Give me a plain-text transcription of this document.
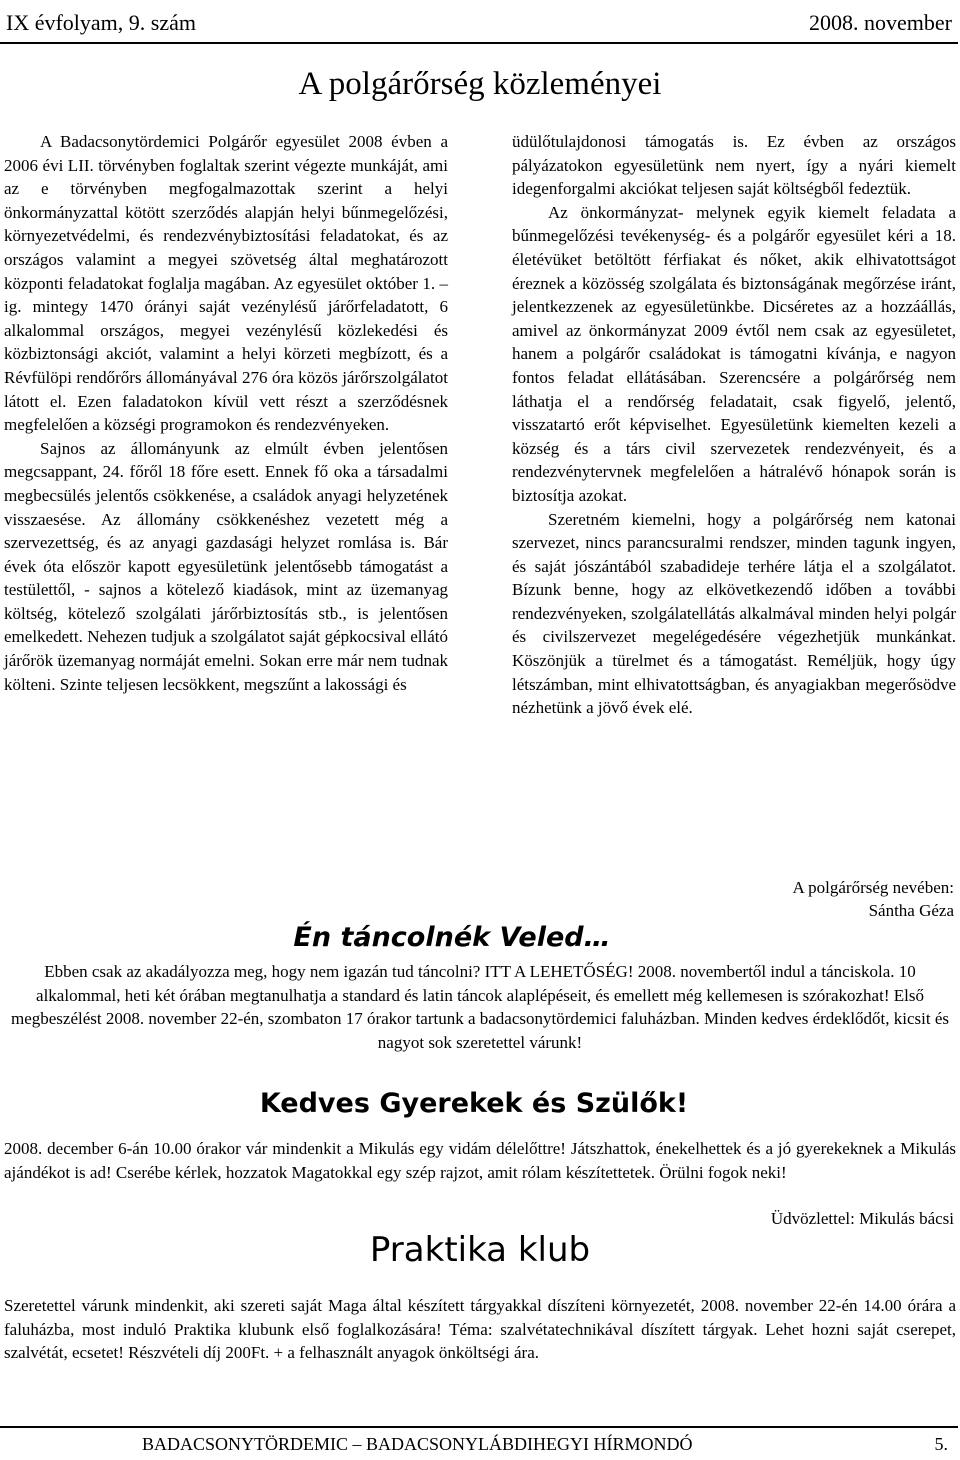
IX évfolyam, 9. szám	2008. november
A polgárőrség közleményei

A Badacsonytördemici Polgárőr egyesület 2008 évben a 2006 évi LII. törvényben foglaltak szerint végezte munkáját, ami az e törvényben megfogalmazottak szerint a helyi önkormányzattal kötött szerződés alapján helyi bűnmegelőzési, környezetvédelmi, és rendezvénybiztosítási feladatokat, és az országos valamint a megyei szövetség által meghatározott központi feladatokat foglalja magában. Az egyesület október 1. –ig. mintegy 1470 órányi saját vezénylésű járőrfeladatott, 6 alkalommal országos, megyei vezénylésű közlekedési és közbiztonsági akciót, valamint a helyi körzeti megbízott, és a Révfülöpi rendőrőrs állományával 276 óra közös járőrszolgálatot látott el. Ezen faladatokon kívül vett részt a szerződésnek megfelelően a községi programokon és rendezvényeken.

Sajnos az állományunk az elmúlt évben jelentősen megcsappant, 24. főről 18 főre esett. Ennek fő oka a társadalmi megbecsülés jelentős csökkenése, a családok anyagi helyzetének visszaesése. Az állomány csökkenéshez vezetett még a szervezettség, és az anyagi gazdasági helyzet romlása is. Bár évek óta először kapott egyesületünk jelentősebb támogatást a testülettől, - sajnos a kötelező kiadások, mint az üzemanyag költség, kötelező szolgálati járőrbiztosítás stb., is jelentősen emelkedett. Nehezen tudjuk a szolgálatot saját gépkocsival ellátó járőrök üzemanyag normáját emelni. Sokan erre már nem tudnak költeni. Szinte teljesen lecsökkent, megszűnt a lakossági és

üdülőtulajdonosi támogatás is. Ez évben az országos pályázatokon egyesületünk nem nyert, így a nyári kiemelt idegenforgalmi akciókat teljesen saját költségből fedeztük.

Az önkormányzat- melynek egyik kiemelt feladata a bűnmegelőzési tevékenység- és a polgárőr egyesület kéri a 18. életévüket betöltött férfiakat és nőket, akik elhivatottságot éreznek a közösség szolgálata és biztonságának megőrzése iránt, jelentkezzenek az egyesületünkbe. Dicséretes az a hozzáállás, amivel az önkormányzat 2009 évtől nem csak az egyesületet, hanem a polgárőr családokat is támogatni kívánja, e nagyon fontos feladat ellátásában. Szerencsére a polgárőrség nem láthatja el a rendőrség feladatait, csak figyelő, jelentő, visszatartó erőt képviselhet. Egyesületünk kiemelten kezeli a község és a társ civil szervezetek rendezvényeit, és a rendezvénytervnek megfelelően a hátralévő hónapok során is biztosítja azokat.

Szeretném kiemelni, hogy a polgárőrség nem katonai szervezet, nincs parancsuralmi rendszer, minden tagunk ingyen, és saját jószántából szabadideje terhére látja el a szolgálatot. Bízunk benne, hogy az elkövetkezendő időben a további rendezvényeken, szolgálatellátás alkalmával minden helyi polgár és civilszervezet megelégedésére végezhetjük munkánkat. Köszönjük a türelmet és a támogatást. Reméljük, hogy úgy létszámban, mint elhivatottságban, és anyagiakban megerősödve nézhetünk a jövő évek elé.

A polgárőrség nevében:
Sántha Géza
Én táncolnék Veled…

Ebben csak az akadályozza meg, hogy nem igazán tud táncolni? ITT A LEHETŐSÉG! 2008. novembertől indul a tánciskola. 10 alkalommal, heti két órában megtanulhatja a standard és latin táncok alaplépéseit, és emellett még kellemesen is szórakozhat! Első megbeszélést 2008. november 22-én, szombaton 17 órakor tartunk a badacsonytördemici faluházban. Minden kedves érdeklődőt, kicsit és nagyot sok szeretettel várunk!

Kedves Gyerekek és Szülők!

2008. december 6-án 10.00 órakor vár mindenkit a Mikulás egy vidám délelőttre! Játszhattok, énekelhettek és a jó gyerekeknek a Mikulás ajándékot is ad! Cserébe kérlek, hozzatok Magatokkal egy szép rajzot, amit rólam készítettetek. Örülni fogok neki!

Üdvözlettel: Mikulás bácsi
Praktika klub

Szeretettel várunk mindenkit, aki szereti saját Maga által készített tárgyakkal díszíteni környezetét, 2008. november 22-én 14.00 órára a faluházba, most induló Praktika klubunk első foglalkozására! Téma: szalvétatechnikával díszített tárgyak. Lehet hozni saját cserepet, szalvétát, ecsetet! Részvételi díj 200Ft. + a felhasznált anyagok önköltségi ára.

BADACSONYTÖRDEMIC – BADACSONYLÁBDIHEGYI HÍRMONDÓ	5.
